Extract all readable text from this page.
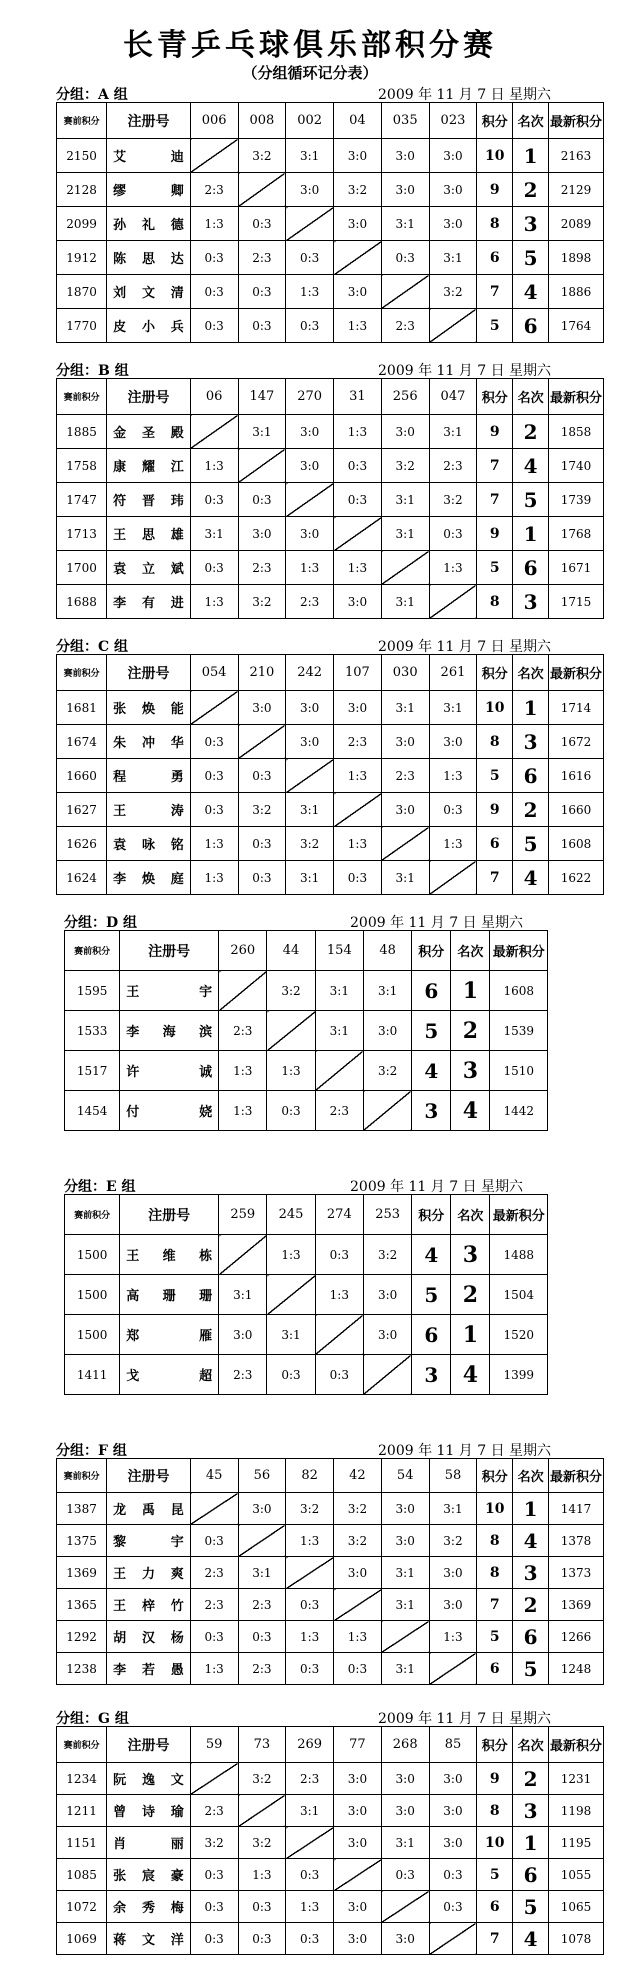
长青乒乓球俱乐部积分赛
（分组循环记分表）
分组：A 组	2009 年 11 月 7 日 星期六
赛前积分	注册号	006	008	002	04	035	023	积分	名次	最新积分
2150	艾迪		3:2	3:1	3:0	3:0	3:0	10	1	2163
2128	缪卿	2:3		3:0	3:2	3:0	3:0	9	2	2129
2099	孙礼德	1:3	0:3		3:0	3:1	3:0	8	3	2089
1912	陈思达	0:3	2:3	0:3		0:3	3:1	6	5	1898
1870	刘文清	0:3	0:3	1:3	3:0		3:2	7	4	1886
1770	皮小兵	0:3	0:3	0:3	1:3	2:3		5	6	1764
分组：B 组	2009 年 11 月 7 日 星期六
赛前积分	注册号	06	147	270	31	256	047	积分	名次	最新积分
1885	金圣殿		3:1	3:0	1:3	3:0	3:1	9	2	1858
1758	康耀江	1:3		3:0	0:3	3:2	2:3	7	4	1740
1747	符晋玮	0:3	0:3		0:3	3:1	3:2	7	5	1739
1713	王思雄	3:1	3:0	3:0		3:1	0:3	9	1	1768
1700	袁立斌	0:3	2:3	1:3	1:3		1:3	5	6	1671
1688	李有进	1:3	3:2	2:3	3:0	3:1		8	3	1715
分组：C 组	2009 年 11 月 7 日 星期六
赛前积分	注册号	054	210	242	107	030	261	积分	名次	最新积分
1681	张焕能		3:0	3:0	3:0	3:1	3:1	10	1	1714
1674	朱冲华	0:3		3:0	2:3	3:0	3:0	8	3	1672
1660	程勇	0:3	0:3		1:3	2:3	1:3	5	6	1616
1627	王涛	0:3	3:2	3:1		3:0	0:3	9	2	1660
1626	袁咏铭	1:3	0:3	3:2	1:3		1:3	6	5	1608
1624	李焕庭	1:3	0:3	3:1	0:3	3:1		7	4	1622
分组：D 组	2009 年 11 月 7 日 星期六
赛前积分	注册号	260	44	154	48	积分	名次	最新积分
1595	王宇		3:2	3:1	3:1	6	1	1608
1533	李海滨	2:3		3:1	3:0	5	2	1539
1517	许诚	1:3	1:3		3:2	4	3	1510
1454	付娆	1:3	0:3	2:3		3	4	1442
分组：E 组	2009 年 11 月 7 日 星期六
赛前积分	注册号	259	245	274	253	积分	名次	最新积分
1500	王维栋		1:3	0:3	3:2	4	3	1488
1500	高珊珊	3:1		1:3	3:0	5	2	1504
1500	郑雁	3:0	3:1		3:0	6	1	1520
1411	戈超	2:3	0:3	0:3		3	4	1399
分组：F 组	2009 年 11 月 7 日 星期六
赛前积分	注册号	45	56	82	42	54	58	积分	名次	最新积分
1387	龙禹昆		3:0	3:2	3:2	3:0	3:1	10	1	1417
1375	黎宇	0:3		1:3	3:2	3:0	3:2	8	4	1378
1369	王力爽	2:3	3:1		3:0	3:1	3:0	8	3	1373
1365	王梓竹	2:3	2:3	0:3		3:1	3:0	7	2	1369
1292	胡汉杨	0:3	0:3	1:3	1:3		1:3	5	6	1266
1238	李若愚	1:3	2:3	0:3	0:3	3:1		6	5	1248
分组：G 组	2009 年 11 月 7 日 星期六
赛前积分	注册号	59	73	269	77	268	85	积分	名次	最新积分
1234	阮逸文		3:2	2:3	3:0	3:0	3:0	9	2	1231
1211	曾诗瑜	2:3		3:1	3:0	3:0	3:0	8	3	1198
1151	肖丽	3:2	3:2		3:0	3:1	3:0	10	1	1195
1085	张宸豪	0:3	1:3	0:3		0:3	0:3	5	6	1055
1072	余秀梅	0:3	0:3	1:3	3:0		0:3	6	5	1065
1069	蒋文洋	0:3	0:3	0:3	3:0	3:0		7	4	1078
